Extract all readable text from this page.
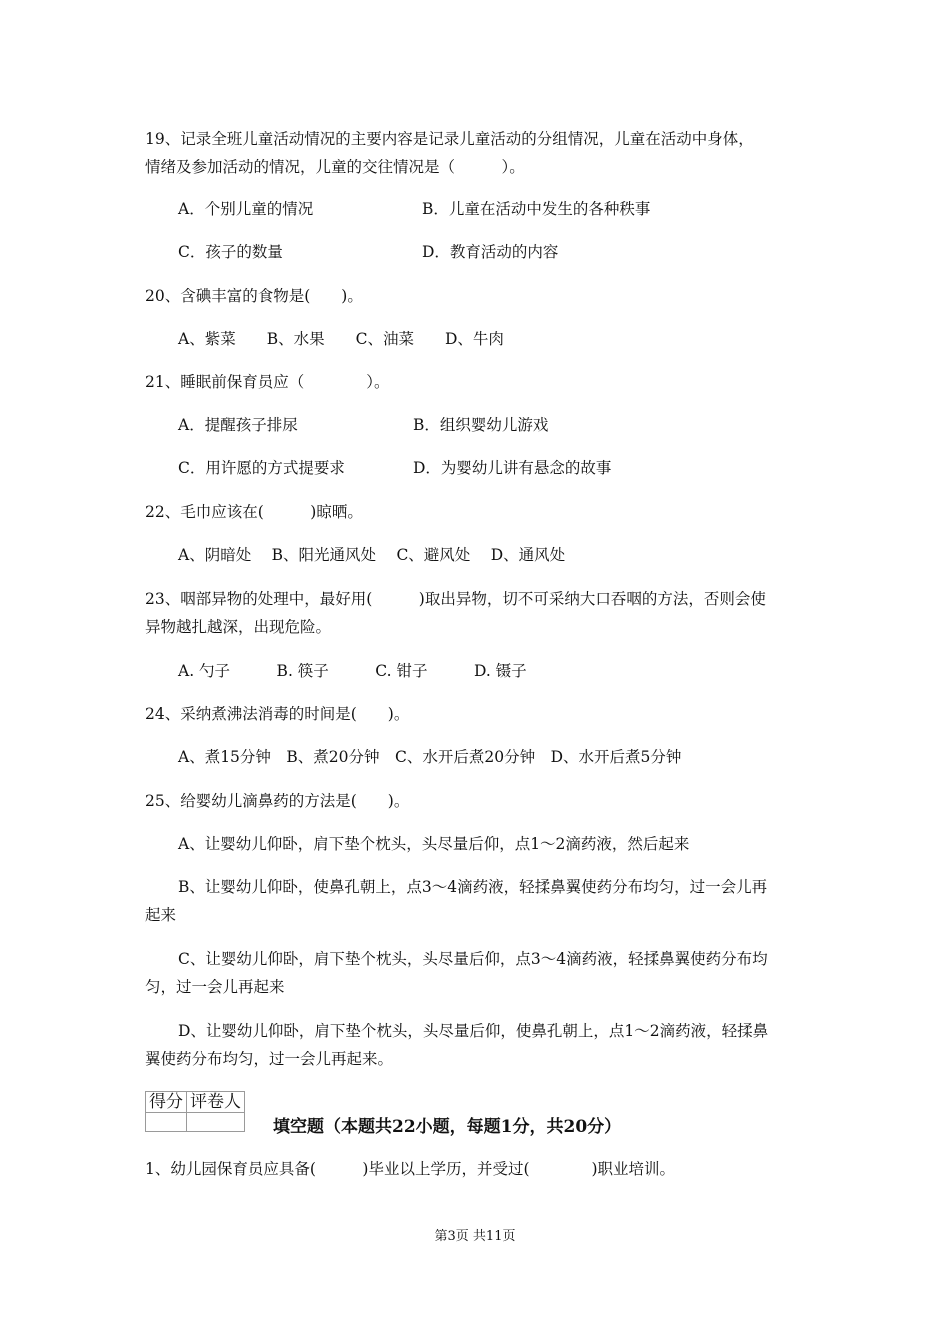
19、记录全班儿童活动情况的主要内容是记录儿童活动的分组情况，儿童在活动中身体，
情绪及参加活动的情况，儿童的交往情况是（　　　）。
A．个别儿童的情况	B．儿童在活动中发生的各种秩事
C．孩子的数量	D．教育活动的内容
20、含碘丰富的食物是(　　)。
A、紫菜　　B、水果　　C、油菜　　D、牛肉
21、睡眠前保育员应（　　　　）。
A．提醒孩子排尿	B．组织婴幼儿游戏
C．用许愿的方式提要求	D．为婴幼儿讲有悬念的故事
22、毛巾应该在(　　　)晾晒。
A、阴暗处　 B、阳光通风处　 C、避风处　 D、通风处
23、咽部异物的处理中，最好用(　　　)取出异物，切不可采纳大口吞咽的方法，否则会使
异物越扎越深，出现危险。
A. 勺子　　　B. 筷子　　　C. 钳子　　　D. 镊子
24、采纳煮沸法消毒的时间是(　　)。
A、煮15分钟　B、煮20分钟　C、水开后煮20分钟　D、水开后煮5分钟
25、给婴幼儿滴鼻药的方法是(　　)。
A、让婴幼儿仰卧，肩下垫个枕头，头尽量后仰，点1～2滴药液，然后起来
B、让婴幼儿仰卧，使鼻孔朝上，点3～4滴药液，轻揉鼻翼使药分布均匀，过一会儿再
起来
C、让婴幼儿仰卧，肩下垫个枕头，头尽量后仰，点3～4滴药液，轻揉鼻翼使药分布均
匀，过一会儿再起来
D、让婴幼儿仰卧，肩下垫个枕头，头尽量后仰，使鼻孔朝上，点1～2滴药液，轻揉鼻
翼使药分布均匀，过一会儿再起来。
得分	评卷人

填空题（本题共22小题，每题1分，共20分）
1、幼儿园保育员应具备(　　　)毕业以上学历，并受过(　　　　)职业培训。
第3页 共11页
